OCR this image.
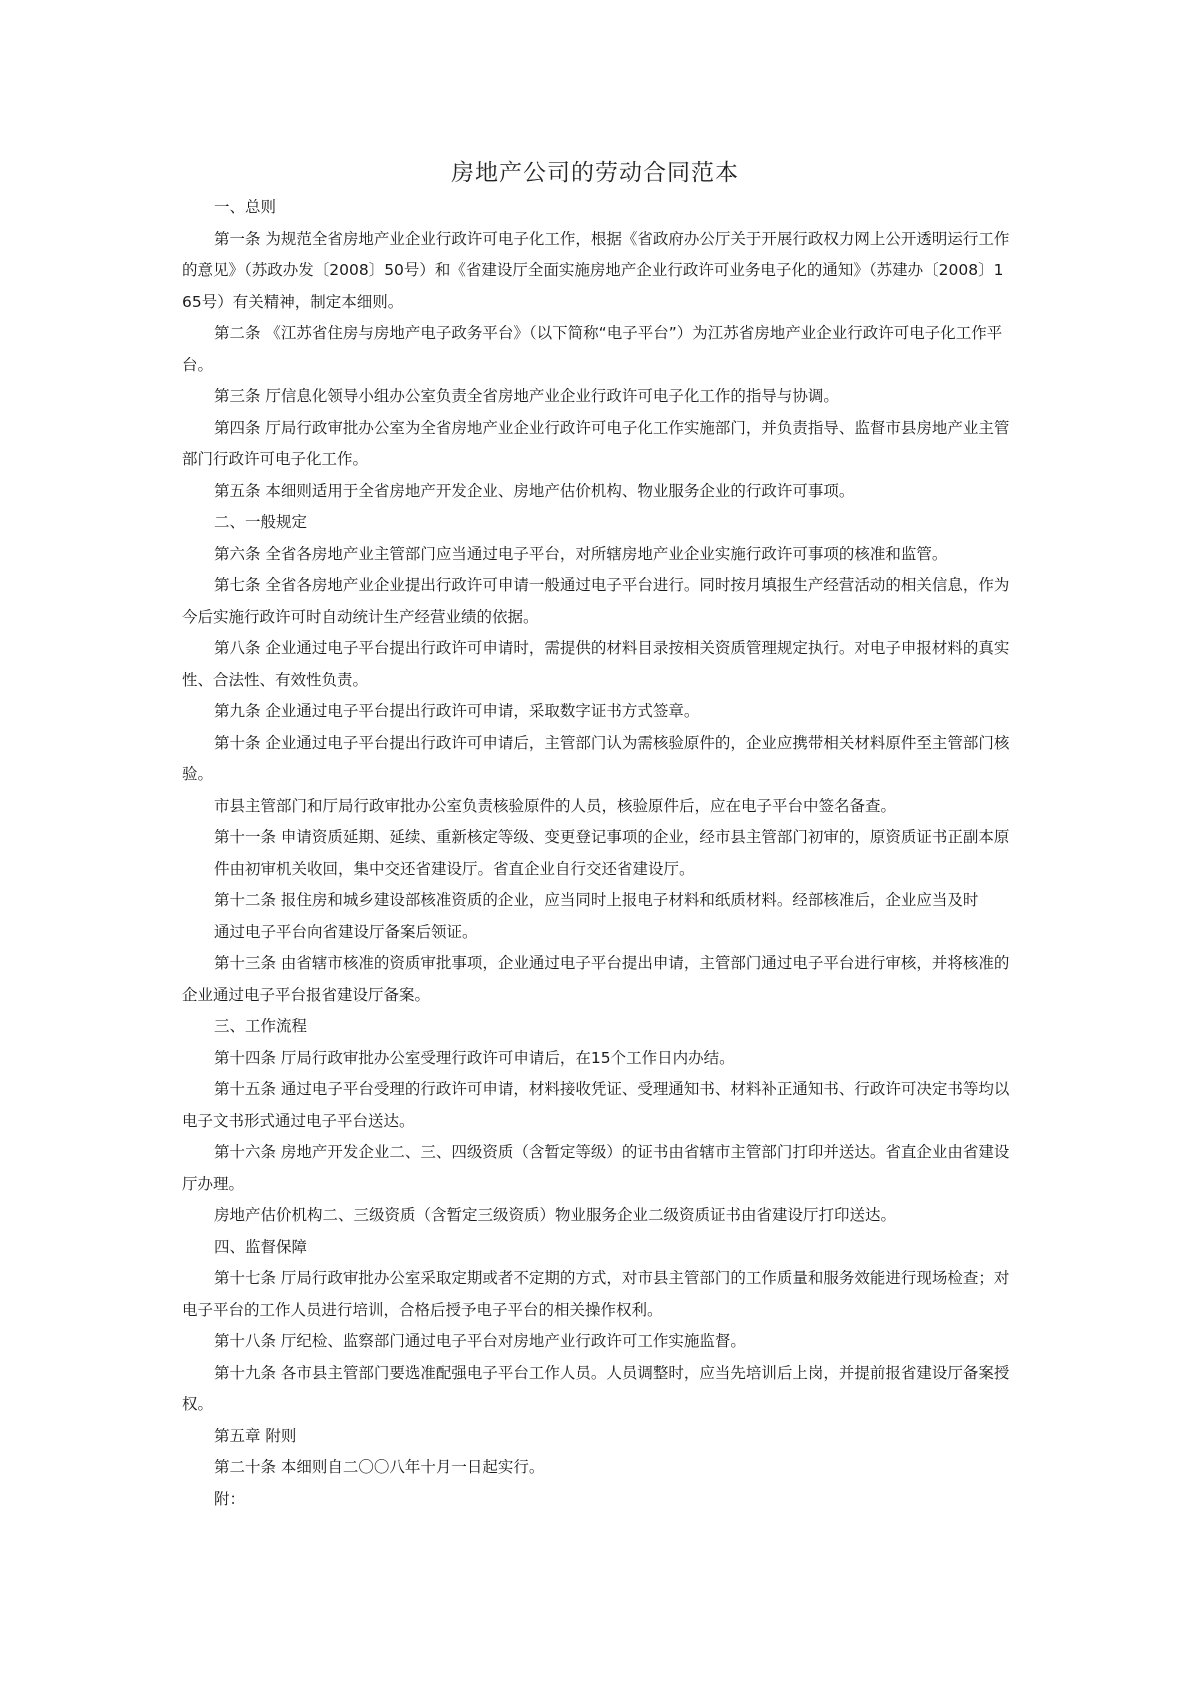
房地产公司的劳动合同范本

一、总则

第一条 为规范全省房地产业企业行政许可电子化工作，根据《省政府办公厅关于开展行政权力网上公开透明运行工作的意见》（苏政办发〔2008〕50号）和《省建设厅全面实施房地产企业行政许可业务电子化的通知》（苏建办〔2008〕165号）有关精神，制定本细则。

第二条 《江苏省住房与房地产电子政务平台》（以下简称“电子平台”）为江苏省房地产业企业行政许可电子化工作平台。

第三条 厅信息化领导小组办公室负责全省房地产业企业行政许可电子化工作的指导与协调。

第四条 厅局行政审批办公室为全省房地产业企业行政许可电子化工作实施部门，并负责指导、监督市县房地产业主管部门行政许可电子化工作。

第五条 本细则适用于全省房地产开发企业、房地产估价机构、物业服务企业的行政许可事项。

二、一般规定

第六条 全省各房地产业主管部门应当通过电子平台，对所辖房地产业企业实施行政许可事项的核准和监管。

第七条 全省各房地产业企业提出行政许可申请一般通过电子平台进行。同时按月填报生产经营活动的相关信息，作为今后实施行政许可时自动统计生产经营业绩的依据。

第八条 企业通过电子平台提出行政许可申请时，需提供的材料目录按相关资质管理规定执行。对电子申报材料的真实性、合法性、有效性负责。

第九条 企业通过电子平台提出行政许可申请，采取数字证书方式签章。

第十条 企业通过电子平台提出行政许可申请后，主管部门认为需核验原件的，企业应携带相关材料原件至主管部门核验。

市县主管部门和厅局行政审批办公室负责核验原件的人员，核验原件后，应在电子平台中签名备查。

第十一条 申请资质延期、延续、重新核定等级、变更登记事项的企业，经市县主管部门初审的，原资质证书正副本原

件由初审机关收回，集中交还省建设厅。省直企业自行交还省建设厅。

第十二条 报住房和城乡建设部核准资质的企业，应当同时上报电子材料和纸质材料。经部核准后，企业应当及时

通过电子平台向省建设厅备案后领证。

第十三条 由省辖市核准的资质审批事项，企业通过电子平台提出申请，主管部门通过电子平台进行审核，并将核准的企业通过电子平台报省建设厅备案。

三、工作流程

第十四条 厅局行政审批办公室受理行政许可申请后，在15个工作日内办结。

第十五条 通过电子平台受理的行政许可申请，材料接收凭证、受理通知书、材料补正通知书、行政许可决定书等均以电子文书形式通过电子平台送达。

第十六条 房地产开发企业二、三、四级资质（含暂定等级）的证书由省辖市主管部门打印并送达。省直企业由省建设厅办理。

房地产估价机构二、三级资质（含暂定三级资质）物业服务企业二级资质证书由省建设厅打印送达。

四、监督保障

第十七条 厅局行政审批办公室采取定期或者不定期的方式，对市县主管部门的工作质量和服务效能进行现场检查；对电子平台的工作人员进行培训，合格后授予电子平台的相关操作权利。

第十八条 厅纪检、监察部门通过电子平台对房地产业行政许可工作实施监督。

第十九条 各市县主管部门要选准配强电子平台工作人员。人员调整时，应当先培训后上岗，并提前报省建设厅备案授权。

第五章 附则

第二十条 本细则自二〇〇八年十月一日起实行。

附：
